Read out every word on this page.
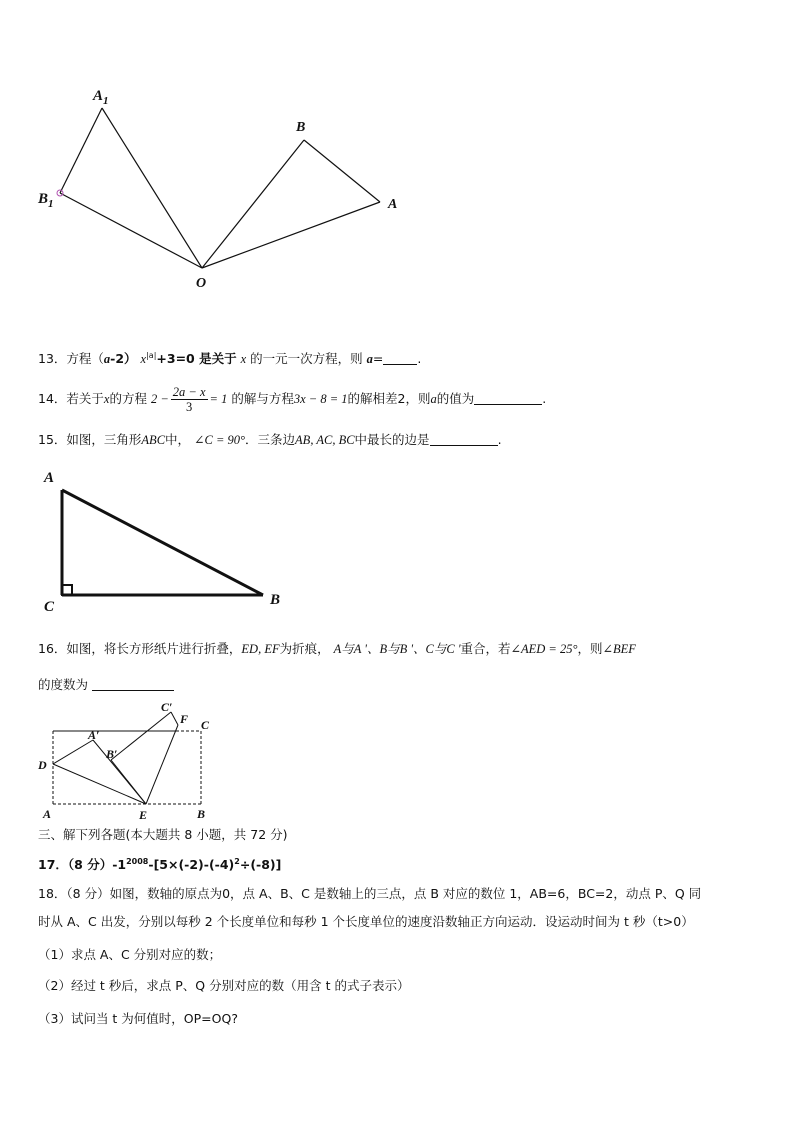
$A_1$
$B_1$
B
A
O
13．方程（a-2） $x^{|a|}+3=0$ 是关于 x 的一元一次方程，则 a=	.
14．若关于x的方程 $2 - \frac{2a - x}{3} = 1$ 的解与方程3x − 8 = 1的解相差2，则a的值为	.
15．如图，三角形ABC中， ∠C = 90°．三条边AB, AC, BC中最长的边是	.
A
C	B
16．如图，将长方形纸片进行折叠，ED, EF为折痕， A与A '、B与B '、C与C '重合，若∠AED = 25°，则∠BEF
的度数为
C′
F C
A′
B′
D
A	E	B
三、解下列各题(本大题共 8 小题，共 72 分)
17．（8 分）$-1^{2008}-[5\times(-2)-(-4)^2\div(-8)]$
18．（8 分）如图，数轴的原点为0，点 A、B、C 是数轴上的三点，点 B 对应的数位 1，AB=6，BC=2，动点 P、Q 同
时从 A、C 出发，分别以每秒 2 个长度单位和每秒 1 个长度单位的速度沿数轴正方向运动．设运动时间为 t 秒（t>0）
（1）求点 A、C 分别对应的数；
（2）经过 t 秒后，求点 P、Q 分别对应的数（用含 t 的式子表示）
（3）试问当 t 为何值时，OP=OQ?
